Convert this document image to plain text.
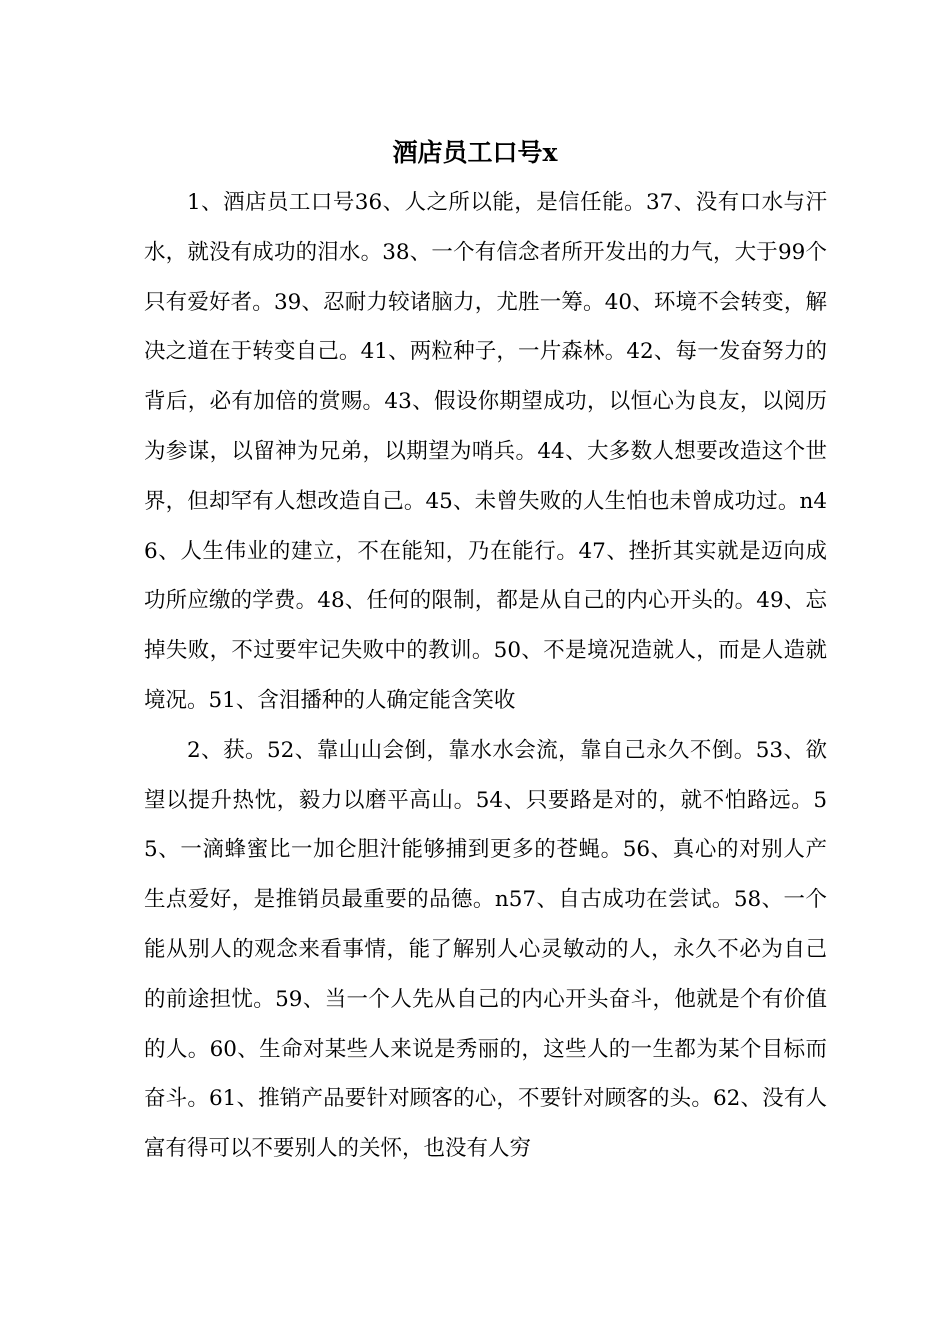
酒店员工口号x

1、酒店员工口号36、人之所以能，是信任能。37、没有口水与汗水，就没有成功的泪水。38、一个有信念者所开发出的力气，大于99个只有爱好者。39、忍耐力较诸脑力，尤胜一筹。40、环境不会转变，解决之道在于转变自己。41、两粒种子，一片森林。42、每一发奋努力的背后，必有加倍的赏赐。43、假设你期望成功，以恒心为良友，以阅历为参谋，以留神为兄弟，以期望为哨兵。44、大多数人想要改造这个世界，但却罕有人想改造自己。45、未曾失败的人生怕也未曾成功过。n46、人生伟业的建立，不在能知，乃在能行。47、挫折其实就是迈向成功所应缴的学费。48、任何的限制，都是从自己的内心开头的。49、忘掉失败，不过要牢记失败中的教训。50、不是境况造就人，而是人造就境况。51、含泪播种的人确定能含笑收

2、获。52、靠山山会倒，靠水水会流，靠自己永久不倒。53、欲望以提升热忱，毅力以磨平高山。54、只要路是对的，就不怕路远。55、一滴蜂蜜比一加仑胆汁能够捕到更多的苍蝇。56、真心的对别人产生点爱好，是推销员最重要的品德。n57、自古成功在尝试。58、一个能从别人的观念来看事情，能了解别人心灵敏动的人，永久不必为自己的前途担忧。59、当一个人先从自己的内心开头奋斗，他就是个有价值的人。60、生命对某些人来说是秀丽的，这些人的一生都为某个目标而奋斗。61、推销产品要针对顾客的心，不要针对顾客的头。62、没有人富有得可以不要别人的关怀，也没有人穷
